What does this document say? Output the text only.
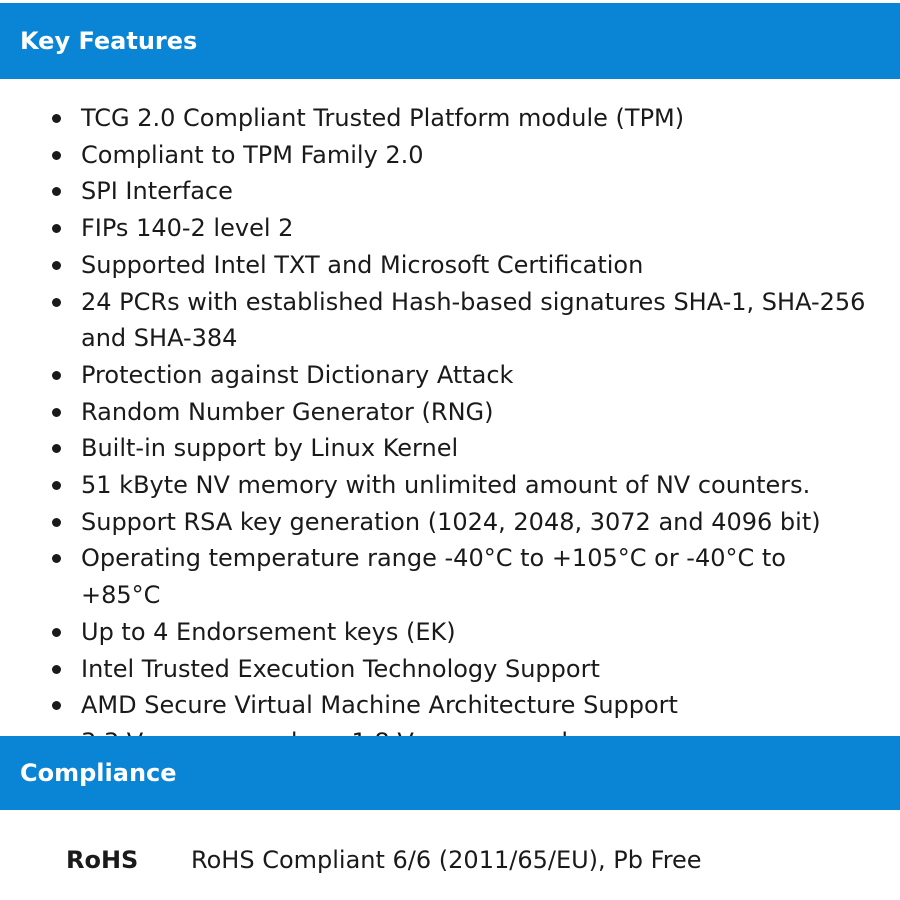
Key Features
TCG 2.0 Compliant Trusted Platform module (TPM)
Compliant to TPM Family 2.0
SPI Interface
FIPs 140-2 level 2
Supported Intel TXT and Microsoft Certification
24 PCRs with established Hash-based signatures SHA-1, SHA-256 and SHA-384
Protection against Dictionary Attack
Random Number Generator (RNG)
Built-in support by Linux Kernel
51 kByte NV memory with unlimited amount of NV counters.
Support RSA key generation (1024, 2048, 3072 and 4096 bit)
Operating temperature range -40°C to +105°C or -40°C to +85°C
Up to 4 Endorsement keys (EK)
Intel Trusted Execution Technology Support
AMD Secure Virtual Machine Architecture Support
Compliance
RoHS RoHS Compliant 6/6 (2011/65/EU), Pb Free
